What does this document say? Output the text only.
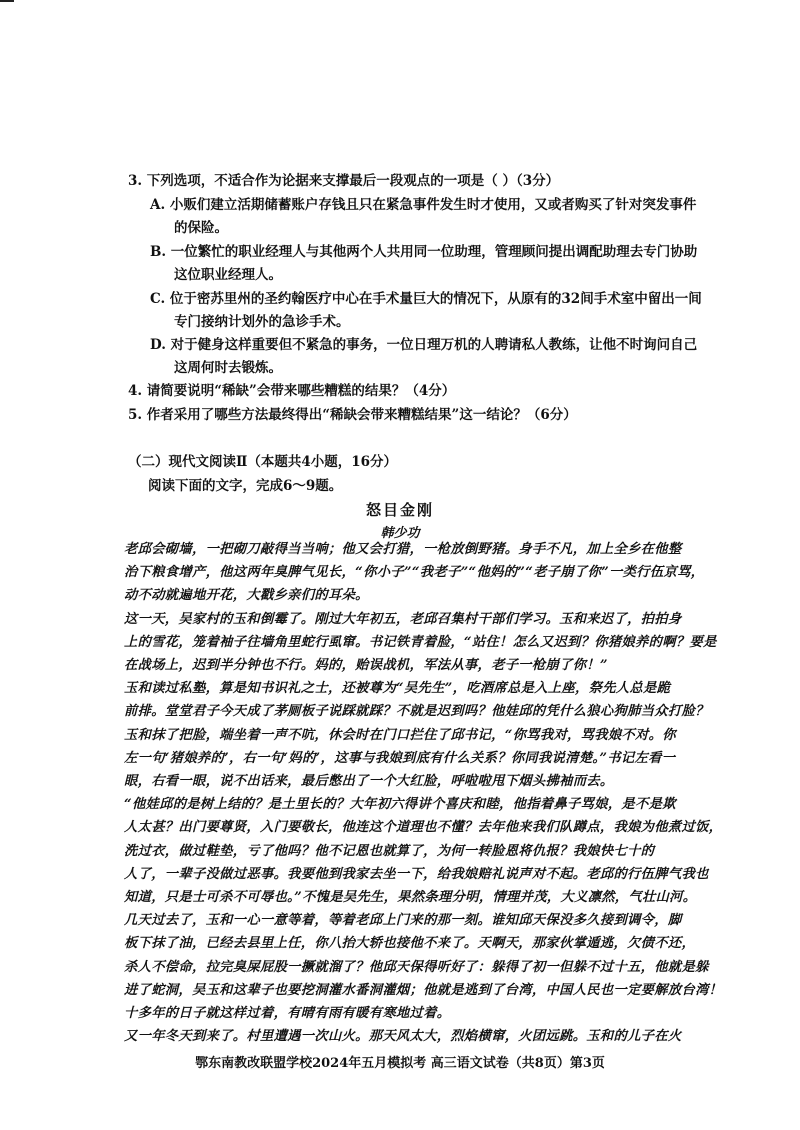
3. 下列选项，不适合作为论据来支撑最后一段观点的一项是（ ）（3分）
A. 小贩们建立活期储蓄账户存钱且只在紧急事件发生时才使用，又或者购买了针对突发事件
的保险。
B. 一位繁忙的职业经理人与其他两个人共用同一位助理，管理顾问提出调配助理去专门协助
这位职业经理人。
C. 位于密苏里州的圣约翰医疗中心在手术量巨大的情况下，从原有的32间手术室中留出一间
专门接纳计划外的急诊手术。
D. 对于健身这样重要但不紧急的事务，一位日理万机的人聘请私人教练，让他不时询问自己
这周何时去锻炼。
4. 请简要说明“稀缺”会带来哪些糟糕的结果？（4分）
5. 作者采用了哪些方法最终得出“稀缺会带来糟糕结果”这一结论？（6分）
（二）现代文阅读Ⅱ（本题共4小题，16分）
阅读下面的文字，完成6～9题。
怒目金刚
韩少功
老邱会砌墙，一把砌刀敲得当当响；他又会打猎，一枪放倒野猪。身手不凡，加上全乡在他整
治下粮食增产，他这两年臭脾气见长，“你小子”“我老子”“他妈的”“老子崩了你”一类行伍京骂，
动不动就遍地开花，大戳乡亲们的耳朵。
这一天，吴家村的玉和倒霉了。刚过大年初五，老邱召集村干部们学习。玉和来迟了，拍拍身
上的雪花，笼着袖子往墙角里蛇行虱窜。书记铁青着脸，“站住！怎么又迟到？你猪娘养的啊？要是
在战场上，迟到半分钟也不行。妈的，贻误战机，军法从事，老子一枪崩了你！”
玉和读过私塾，算是知书识礼之士，还被尊为“吴先生”，吃酒席总是入上座，祭先人总是跪
前排。堂堂君子今天成了茅厕板子说踩就踩？不就是迟到吗？他娃邱的凭什么狼心狗肺当众打脸？
玉和抹了把脸，端坐着一声不吭，休会时在门口拦住了邱书记，“你骂我对，骂我娘不对。你
左一句‘猪娘养的’，右一句‘妈的’，这事与我娘到底有什么关系？你同我说清楚。”书记左看一
眼，右看一眼，说不出话来，最后憋出了一个大红脸，呼啦啦甩下烟头拂袖而去。
“他娃邱的是树上结的？是土里长的？大年初六得讲个喜庆和睦，他指着鼻子骂娘，是不是欺
人太甚？出门要尊贤，入门要敬长，他连这个道理也不懂？去年他来我们队蹲点，我娘为他煮过饭，
洗过衣，做过鞋垫，亏了他吗？他不记恩也就算了，为何一转脸恩将仇报？我娘快七十的
人了，一辈子没做过恶事。我要他到我家去坐一下，给我娘赔礼说声对不起。老邱的行伍脾气我也
知道，只是士可杀不可辱也。”不愧是吴先生，果然条理分明，情理并茂，大义凛然，气壮山河。
几天过去了，玉和一心一意等着，等着老邱上门来的那一刻。谁知邱天保没多久接到调令，脚
板下抹了油，已经去县里上任，你八抬大轿也接他不来了。天啊天，那家伙掌遁逃，欠债不还，
杀人不偿命，拉完臭屎屁股一撅就溜了？他邱天保得听好了：躲得了初一但躲不过十五，他就是躲
进了蛇洞，吴玉和这辈子也要挖洞灌水番洞灌烟；他就是逃到了台湾，中国人民也一定要解放台湾！
十多年的日子就这样过着，有晴有雨有暖有寒地过着。
又一年冬天到来了。村里遭遇一次山火。那天风太大，烈焰横窜，火团远跳。玉和的儿子在火
鄂东南教改联盟学校2024年五月模拟考 高三语文试卷（共8页）第3页
